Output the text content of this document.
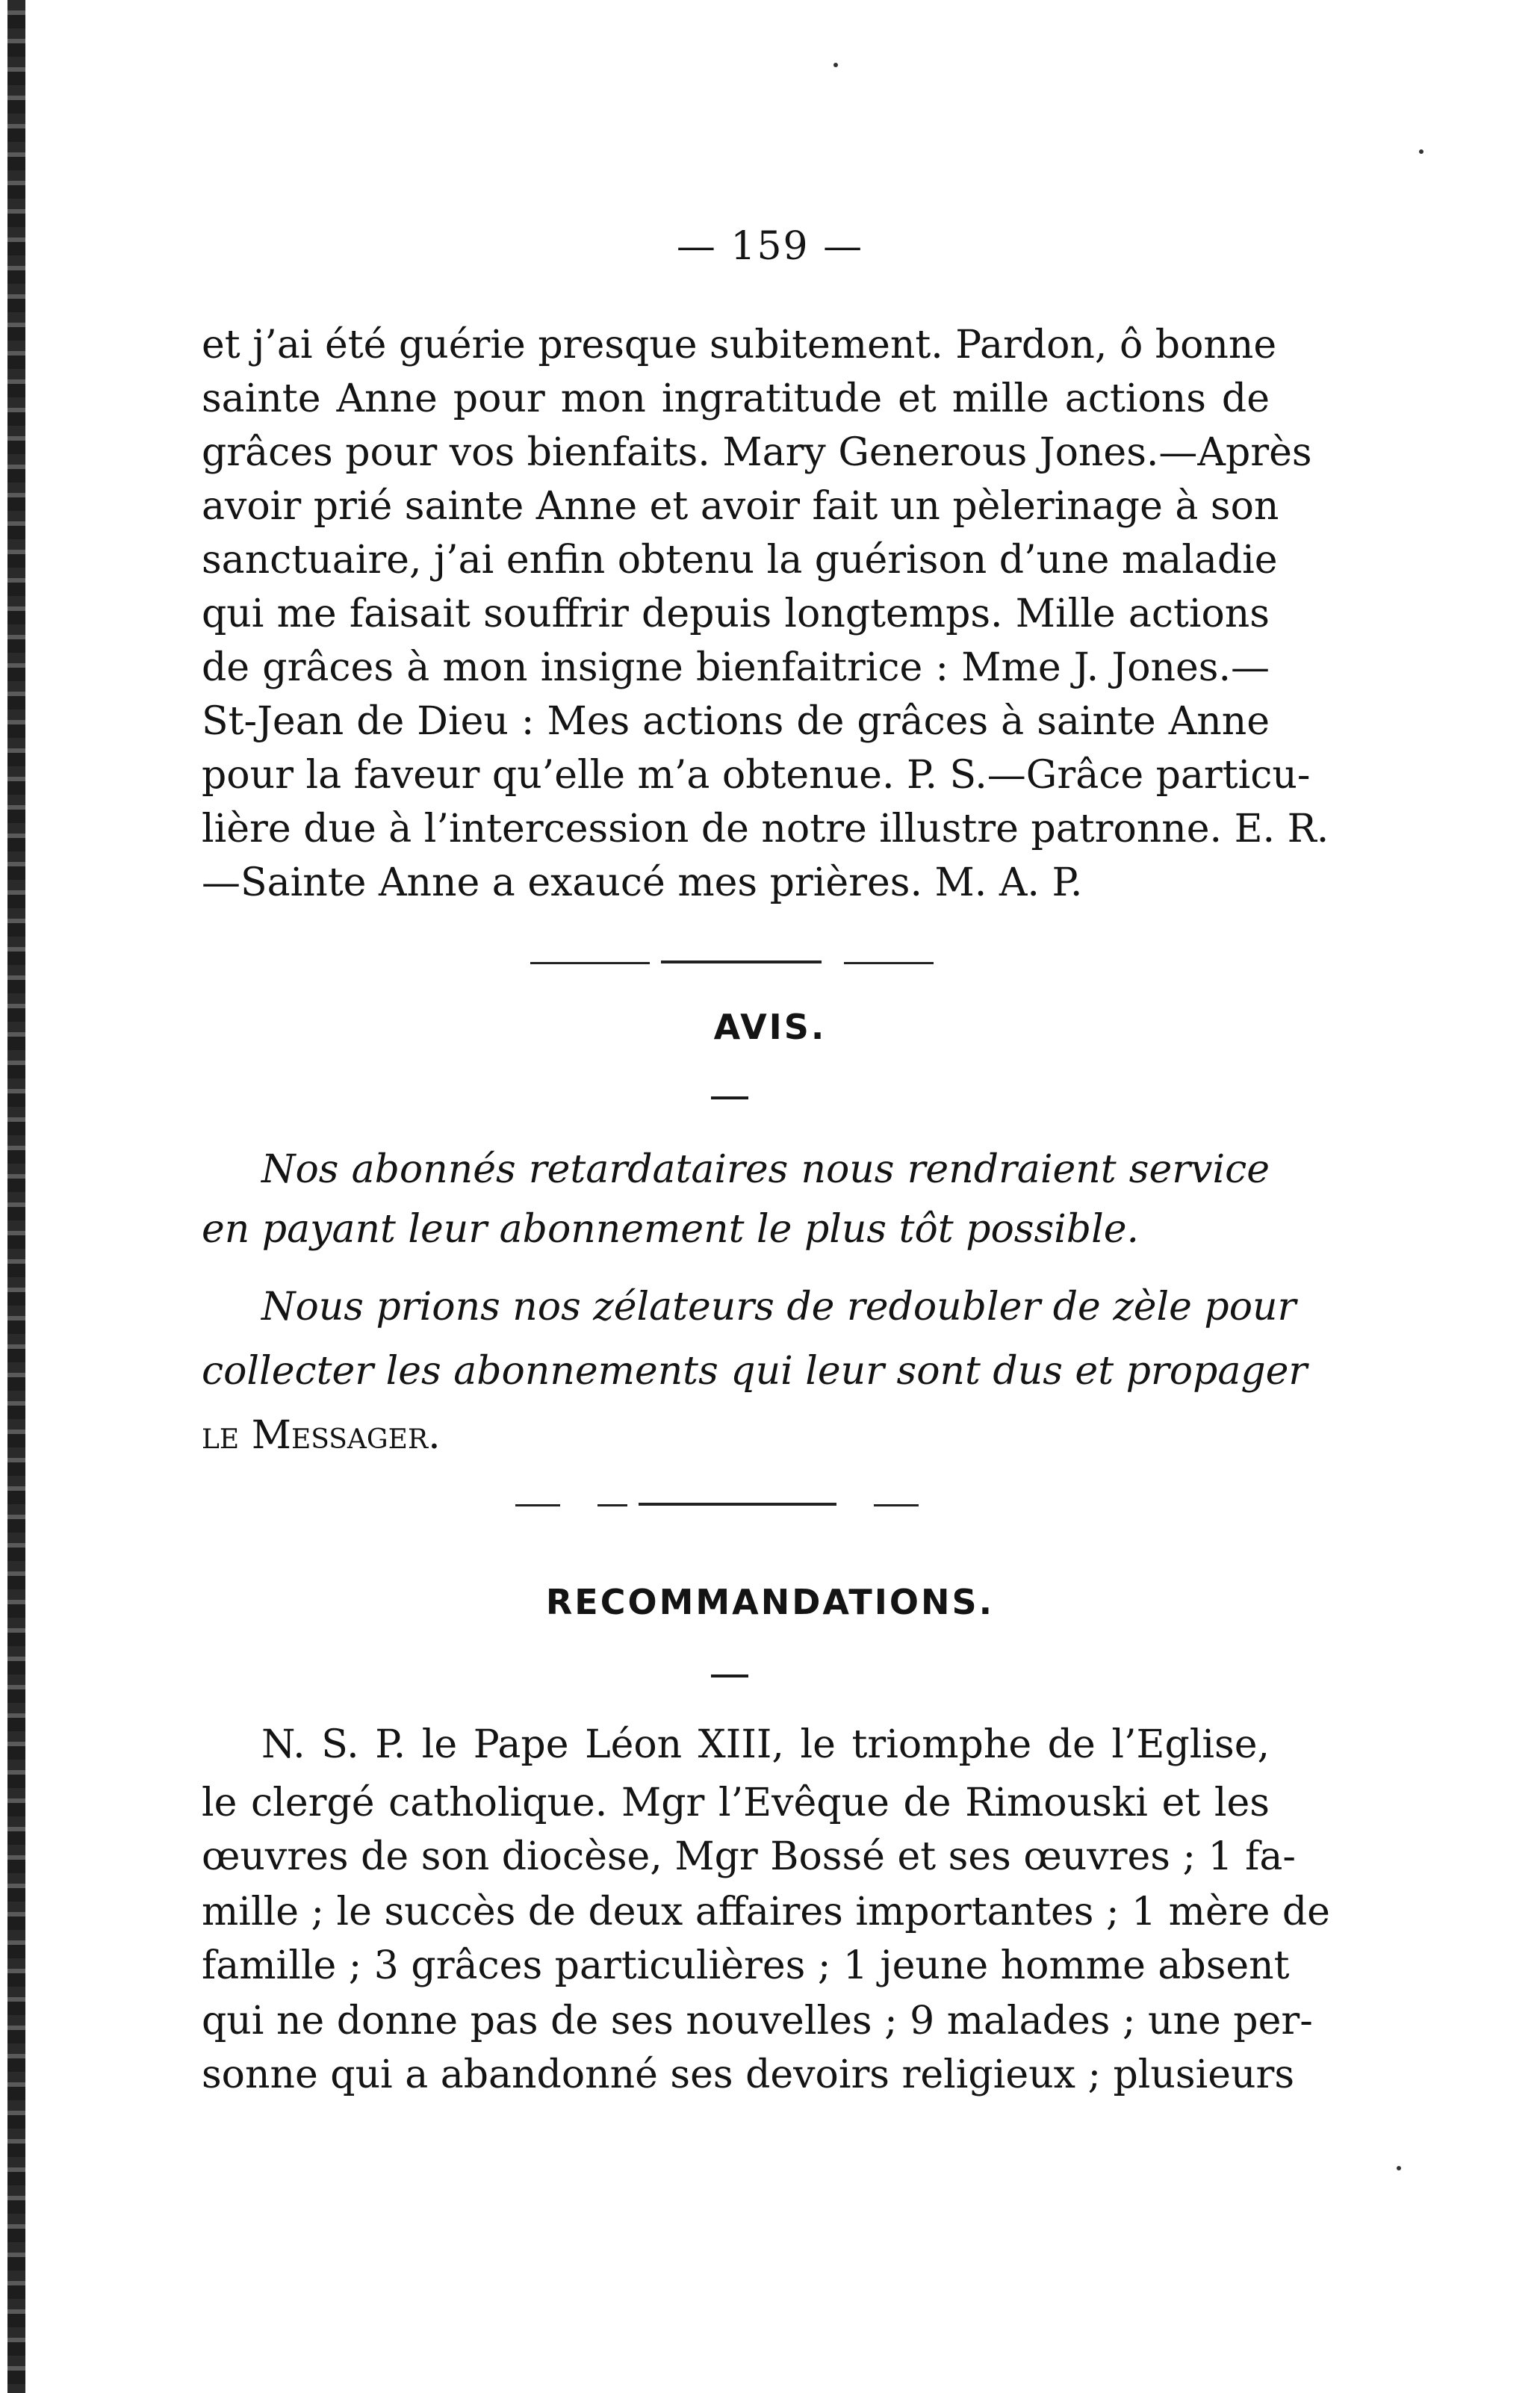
— 159 —
et j’ai été guérie presque subitement. Pardon, ô bonne
sainte Anne pour mon ingratitude et mille actions de
grâces pour vos bienfaits. Mary Generous Jones.—Après
avoir prié sainte Anne et avoir fait un pèlerinage à son
sanctuaire, j’ai enfin obtenu la guérison d’une maladie
qui me faisait souffrir depuis longtemps. Mille actions
de grâces à mon insigne bienfaitrice : Mme J. Jones.—
St-Jean de Dieu : Mes actions de grâces à sainte Anne
pour la faveur qu’elle m’a obtenue. P. S.—Grâce particu-
lière due à l’intercession de notre illustre patronne. E. R.
—Sainte Anne a exaucé mes prières. M. A. P.
AVIS.
Nos abonnés retardataires nous rendraient service
en payant leur abonnement le plus tôt possible.
Nous prions nos zélateurs de redoubler de zèle pour
collecter les abonnements qui leur sont dus et propager
le Messager.
RECOMMANDATIONS.
N. S. P. le Pape Léon XIII, le triomphe de l’Eglise,
le clergé catholique. Mgr l’Evêque de Rimouski et les
œuvres de son diocèse, Mgr Bossé et ses œuvres ; 1 fa-
mille ; le succès de deux affaires importantes ; 1 mère de
famille ; 3 grâces particulières ; 1 jeune homme absent
qui ne donne pas de ses nouvelles ; 9 malades ; une per-
sonne qui a abandonné ses devoirs religieux ; plusieurs
